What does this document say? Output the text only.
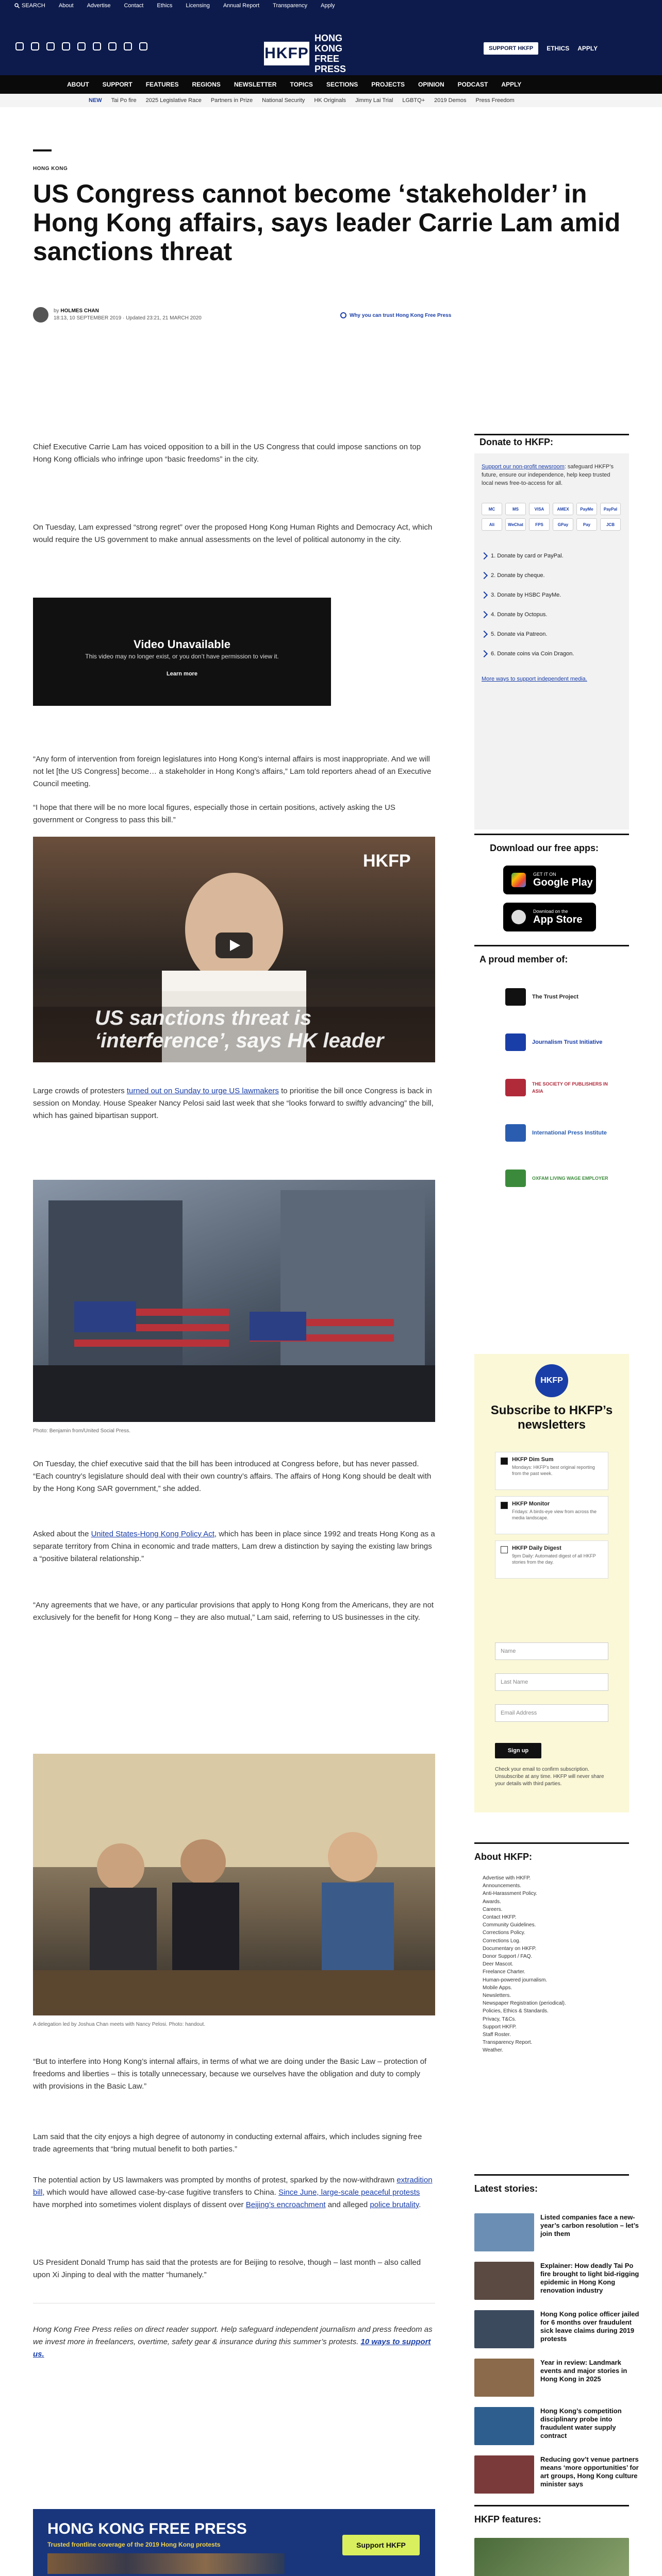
SEARCH About Advertise Contact Ethics Licensing Annual Report Transparency Apply
HKFP
HONG KONG FREE PRESS
SUPPORT HKFP	ETHICS APPLY
ABOUT SUPPORT FEATURES REGIONS NEWSLETTER TOPICS SECTIONS PROJECTS OPINION PODCAST APPLY
NEW Tai Po fire 2025 Legislative Race Partners in Prize National Security HK Originals Jimmy Lai Trial LGBTQ+ 2019 Demos Press Freedom
HONG KONG
US Congress cannot become ‘stakeholder’ in Hong Kong affairs, says leader Carrie Lam amid sanctions threat
by HOLMES CHAN
18:13, 10 SEPTEMBER 2019 · Updated 23:21, 21 MARCH 2020	Why you can trust Hong Kong Free Press

Chief Executive Carrie Lam has voiced opposition to a bill in the US Congress that could impose sanctions on top Hong Kong officials who infringe upon “basic freedoms” in the city.

On Tuesday, Lam expressed “strong regret” over the proposed Hong Kong Human Rights and Democracy Act, which would require the US government to make annual assessments on the level of political autonomy in the city.

Video Unavailable
This video may no longer exist, or you don’t have permission to view it.
Learn more

“Any form of intervention from foreign legislatures into Hong Kong’s internal affairs is most inappropriate. And we will not let [the US Congress] become… a stakeholder in Hong Kong’s affairs,” Lam told reporters ahead of an Executive Council meeting.

“I hope that there will be no more local figures, especially those in certain positions, actively asking the US government or Congress to pass this bill.”

HKFP
US sanctions threat is ‘interference’, says HK leader

Large crowds of protesters turned out on Sunday to urge US lawmakers to prioritise the bill once Congress is back in session on Monday. House Speaker Nancy Pelosi said last week that she “looks forward to swiftly advancing” the bill, which has gained bipartisan support.

Photo: Benjamin from/United Social Press.

On Tuesday, the chief executive said that the bill has been introduced at Congress before, but has never passed. “Each country’s legislature should deal with their own country’s affairs. The affairs of Hong Kong should be dealt with by the Hong Kong SAR government,” she added.

Asked about the United States-Hong Kong Policy Act, which has been in place since 1992 and treats Hong Kong as a separate territory from China in economic and trade matters, Lam drew a distinction by saying the existing law brings a “positive bilateral relationship.”

“Any agreements that we have, or any particular provisions that apply to Hong Kong from the Americans, they are not exclusively for the benefit for Hong Kong – they are also mutual,” Lam said, referring to US businesses in the city.

A delegation led by Joshua Chan meets with Nancy Pelosi. Photo: handout.

“But to interfere into Hong Kong’s internal affairs, in terms of what we are doing under the Basic Law – protection of freedoms and liberties – this is totally unnecessary, because we ourselves have the obligation and duty to comply with provisions in the Basic Law.”

Lam said that the city enjoys a high degree of autonomy in conducting external affairs, which includes signing free trade agreements that “bring mutual benefit to both parties.”

The potential action by US lawmakers was prompted by months of protest, sparked by the now-withdrawn extradition bill, which would have allowed case-by-case fugitive transfers to China. Since June, large-scale peaceful protests have morphed into sometimes violent displays of dissent over Beijing’s encroachment and alleged police brutality.

US President Donald Trump has said that the protests are for Beijing to resolve, though – last month – also called upon Xi Jinping to deal with the matter “humanely.”

Hong Kong Free Press relies on direct reader support. Help safeguard independent journalism and press freedom as we invest more in freelancers, overtime, safety gear & insurance during this summer’s protests. 10 ways to support us.

HONG KONG FREE PRESS
Trusted frontline coverage of the 2019 Hong Kong protests	Support HKFP
Donate to HKFP:
Support our non-profit newsroom: safeguard HKFP’s future, ensure our independence, help keep trusted local news free-to-access for all.
MC	MS	VISA	AMEX	PayMe	PayPal
Ali	WeChat	FPS	GPay	Pay	JCB
1. Donate by card or PayPal.
2. Donate by cheque.
3. Donate by HSBC PayMe.
4. Donate by Octopus.
5. Donate via Patreon.
6. Donate coins via Coin Dragon.
More ways to support independent media.
Download our free apps:
GET IT ON
Google Play
Download on the
App Store
A proud member of:
The Trust Project
Journalism Trust Initiative
THE SOCIETY OF PUBLISHERS IN ASIA
International Press Institute
OXFAM LIVING WAGE EMPLOYER
HKFP
Subscribe to HKFP’s newsletters
HKFP Dim Sum
Mondays: HKFP’s best original reporting from the past week.
HKFP Monitor
Fridays: A birds-eye view from across the media landscape.
HKFP Daily Digest
9pm Daily: Automated digest of all HKFP stories from the day.
Name
Last Name
Email Address
Sign up
Check your email to confirm subscription. Unsubscribe at any time. HKFP will never share your details with third parties.
About HKFP:
Advertise with HKFP.
Announcements.
Anti-Harassment Policy.
Awards.
Careers.
Contact HKFP.
Community Guidelines.
Corrections Policy.
Corrections Log.
Documentary on HKFP.
Donor Support / FAQ.
Deer Mascot.
Freelance Charter.
Human-powered journalism.
Mobile Apps.
Newsletters.
Newspaper Registration (periodical).
Policies, Ethics & Standards.
Privacy, T&Cs.
Support HKFP.
Staff Roster.
Transparency Report.
Weather.
Latest stories:
Listed companies face a new-year’s carbon resolution – let’s join them
Explainer: How deadly Tai Po fire brought to light bid-rigging epidemic in Hong Kong renovation industry
Hong Kong police officer jailed for 6 months over fraudulent sick leave claims during 2019 protests
Year in review: Landmark events and major stories in Hong Kong in 2025
Hong Kong’s competition disciplinary probe into fraudulent water supply contract
Reducing gov’t venue partners means ‘more opportunities’ for art groups, Hong Kong culture minister says
HKFP features:
